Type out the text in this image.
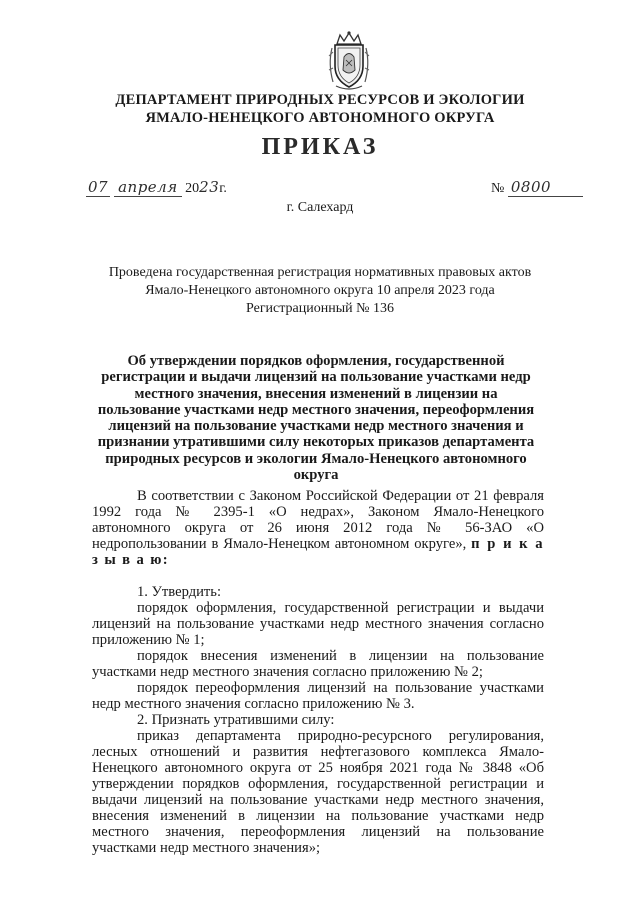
ДЕПАРТАМЕНТ ПРИРОДНЫХ РЕСУРСОВ И ЭКОЛОГИИ
ЯМАЛО-НЕНЕЦКОГО АВТОНОМНОГО ОКРУГА
ПРИКАЗ
07 апреля 2023г.	№ 0800
г. Салехард
Проведена государственная регистрация нормативных правовых актов
Ямало-Ненецкого автономного округа 10 апреля 2023 года
Регистрационный № 136
Об утверждении порядков оформления, государственной регистрации и выдачи лицензий на пользование участками недр местного значения, внесения изменений в лицензии на пользование участками недр местного значения, переоформления лицензий на пользование участками недр местного значения и признании утратившими силу некоторых приказов департамента природных ресурсов и экологии Ямало-Ненецкого автономного округа

В соответствии с Законом Российской Федерации от 21 февраля 1992 года № 2395-1 «О недрах», Законом Ямало-Ненецкого автономного округа от 26 июня 2012 года № 56-ЗАО «О недропользовании в Ямало-Ненецком автономном округе», п р и к а з ы в а ю:

1. Утвердить:

порядок оформления, государственной регистрации и выдачи лицензий на пользование участками недр местного значения согласно приложению № 1;

порядок внесения изменений в лицензии на пользование участками недр местного значения согласно приложению № 2;

порядок переоформления лицензий на пользование участками недр местного значения согласно приложению № 3.

2. Признать утратившими силу:

приказ департамента природно-ресурсного регулирования, лесных отношений и развития нефтегазового комплекса Ямало-Ненецкого автономного округа от 25 ноября 2021 года № 3848 «Об утверждении порядков оформления, государственной регистрации и выдачи лицензий на пользование участками недр местного значения, внесения изменений в лицензии на пользование участками недр местного значения, переоформления лицензий на пользование участками недр местного значения»;
